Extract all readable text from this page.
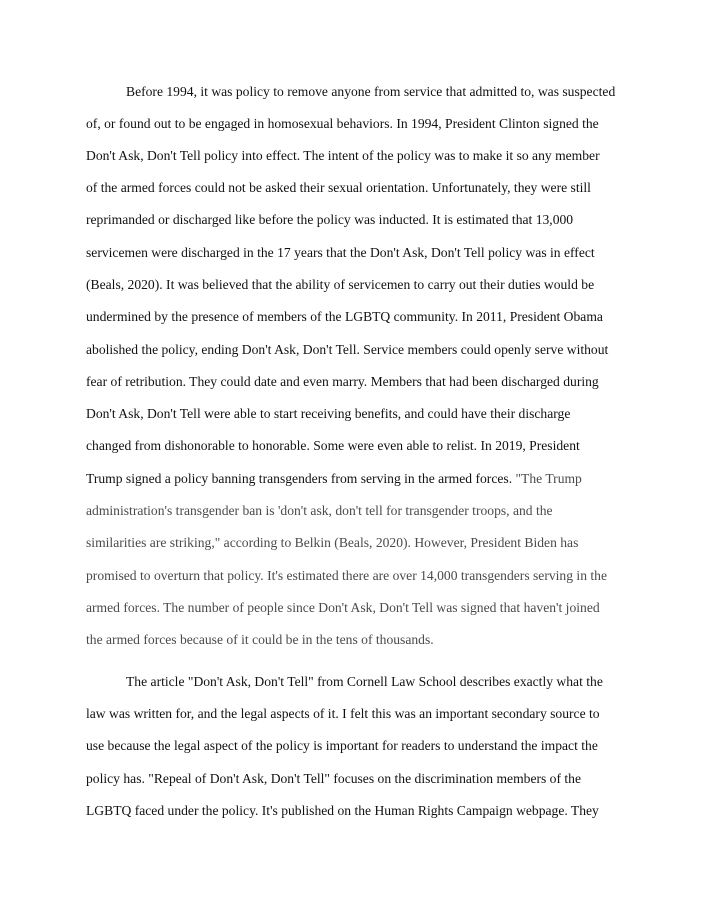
Before 1994, it was policy to remove anyone from service that admitted to, was suspected
of, or found out to be engaged in homosexual behaviors. In 1994, President Clinton signed the
Don't Ask, Don't Tell policy into effect. The intent of the policy was to make it so any member
of the armed forces could not be asked their sexual orientation. Unfortunately, they were still
reprimanded or discharged like before the policy was inducted. It is estimated that 13,000
servicemen were discharged in the 17 years that the Don't Ask, Don't Tell policy was in effect
(Beals, 2020). It was believed that the ability of servicemen to carry out their duties would be
undermined by the presence of members of the LGBTQ community. In 2011, President Obama
abolished the policy, ending Don't Ask, Don't Tell. Service members could openly serve without
fear of retribution. They could date and even marry. Members that had been discharged during
Don't Ask, Don't Tell were able to start receiving benefits, and could have their discharge
changed from dishonorable to honorable. Some were even able to relist. In 2019, President
Trump signed a policy banning transgenders from serving in the armed forces. "The Trump
administration's transgender ban is 'don't ask, don't tell for transgender troops, and the
similarities are striking," according to Belkin (Beals, 2020). However, President Biden has
promised to overturn that policy. It's estimated there are over 14,000 transgenders serving in the
armed forces. The number of people since Don't Ask, Don't Tell was signed that haven't joined
the armed forces because of it could be in the tens of thousands.
The article "Don't Ask, Don't Tell" from Cornell Law School describes exactly what the
law was written for, and the legal aspects of it. I felt this was an important secondary source to
use because the legal aspect of the policy is important for readers to understand the impact the
policy has. "Repeal of Don't Ask, Don't Tell" focuses on the discrimination members of the
LGBTQ faced under the policy. It's published on the Human Rights Campaign webpage. They
